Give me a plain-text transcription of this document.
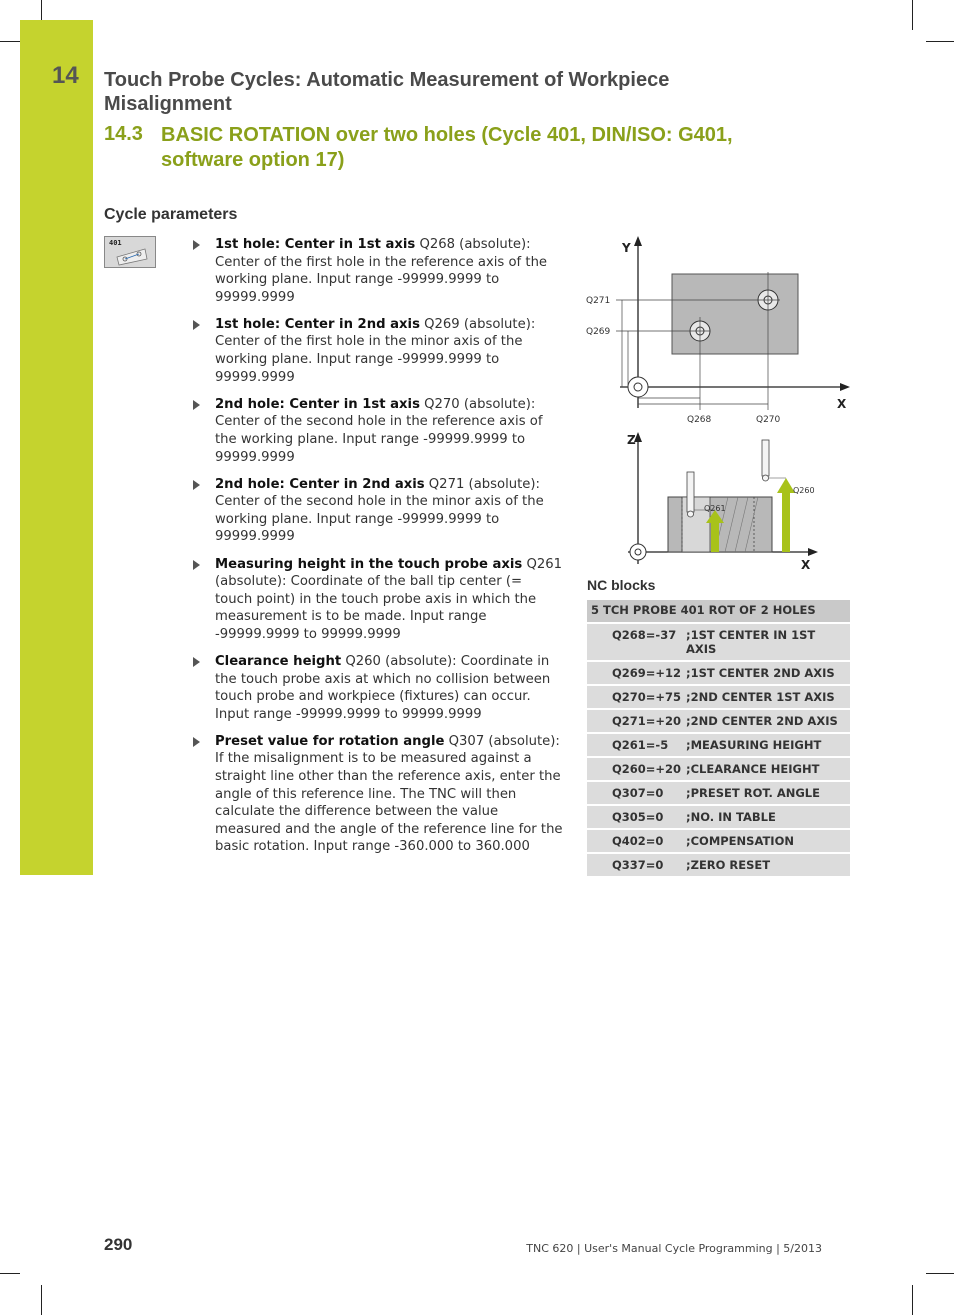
14 Touch Probe Cycles: Automatic Measurement of Workpiece Misalignment
14.3 BASIC ROTATION over two holes (Cycle 401, DIN/ISO: G401, software option 17)
Cycle parameters
401	1st hole: Center in 1st axis Q268 (absolute): Center of the first hole in the reference axis of the working plane. Input range -99999.9999 to 99999.9999
1st hole: Center in 2nd axis Q269 (absolute): Center of the first hole in the minor axis of the working plane. Input range -99999.9999 to 99999.9999
2nd hole: Center in 1st axis Q270 (absolute): Center of the second hole in the reference axis of the working plane. Input range -99999.9999 to 99999.9999
2nd hole: Center in 2nd axis Q271 (absolute): Center of the second hole in the minor axis of the working plane. Input range -99999.9999 to 99999.9999
Measuring height in the touch probe axis Q261 (absolute): Coordinate of the ball tip center (= touch point) in the touch probe axis in which the measurement is to be made. Input range -99999.9999 to 99999.9999
Clearance height Q260 (absolute): Coordinate in the touch probe axis at which no collision between touch probe and workpiece (fixtures) can occur. Input range -99999.9999 to 99999.9999
Preset value for rotation angle Q307 (absolute): If the misalignment is to be measured against a straight line other than the reference axis, enter the angle of this reference line. The TNC will then calculate the difference between the value measured and the angle of the reference line for the basic rotation. Input range -360.000 to 360.000
Y
X
Q271
Q269
Q268	Q270
Z
X
Q261
Q260
NC blocks
5 TCH PROBE 401 ROT OF 2 HOLES	
Q268=-37	;1ST CENTER IN 1ST AXIS
Q269=+12	;1ST CENTER 2ND AXIS
Q270=+75	;2ND CENTER 1ST AXIS
Q271=+20	;2ND CENTER 2ND AXIS
Q261=-5	;MEASURING HEIGHT
Q260=+20	;CLEARANCE HEIGHT
Q307=0	;PRESET ROT. ANGLE
Q305=0	;NO. IN TABLE
Q402=0	;COMPENSATION
Q337=0	;ZERO RESET
290	TNC 620 | User's Manual Cycle Programming | 5/2013
